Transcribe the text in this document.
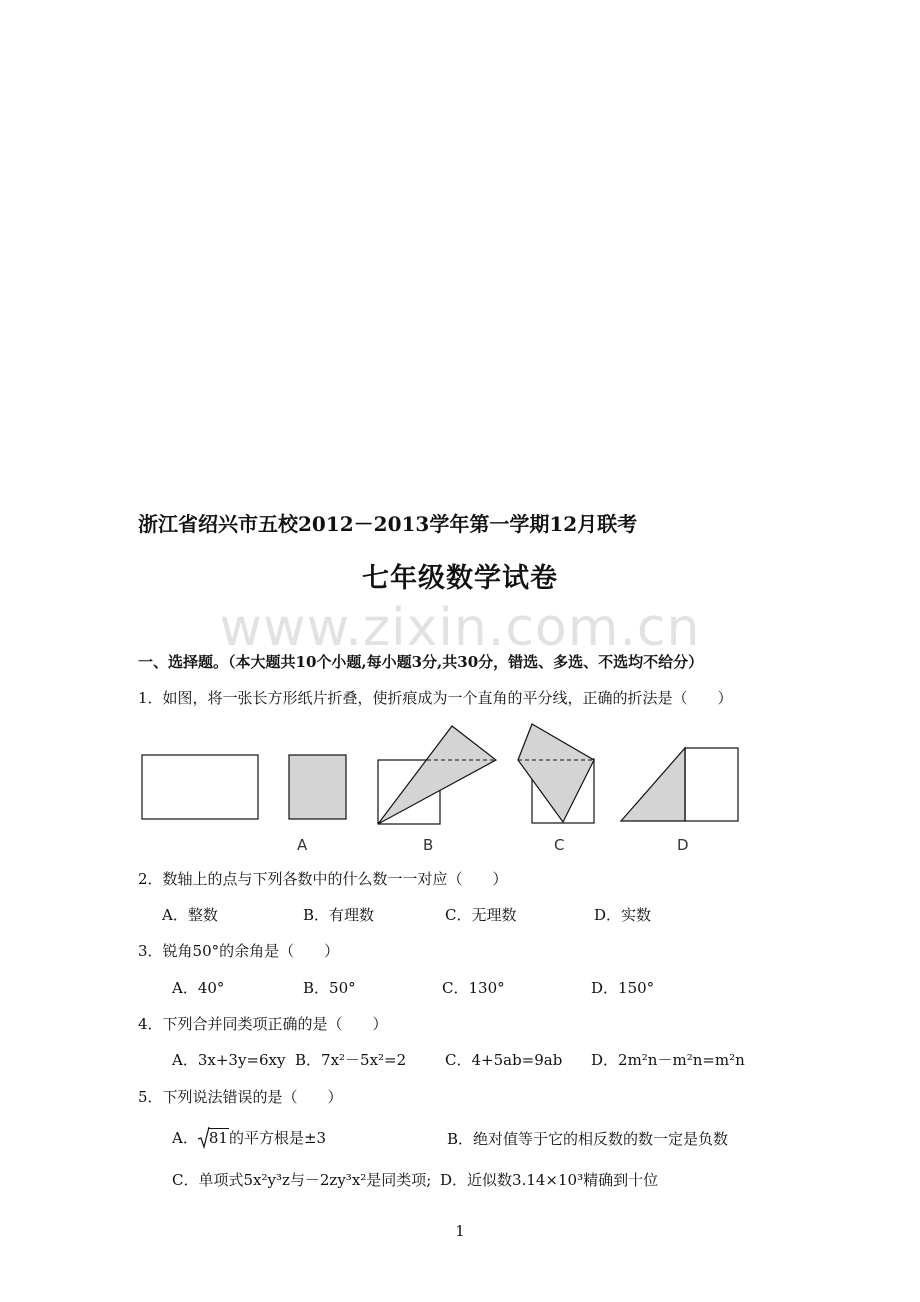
www.zixin.com.cn
浙江省绍兴市五校2012－2013学年第一学期12月联考
七年级数学试卷
一、选择题。（本大题共10个小题,每小题3分,共30分，错选、多选、不选均不给分）
1．如图，将一张长方形纸片折叠，使折痕成为一个直角的平分线，正确的折法是（　　）
A	B	C	D
2．数轴上的点与下列各数中的什么数一一对应（　　）
A．整数	B．有理数	C．无理数	D．实数
3．锐角50°的余角是（　　）
A．40°	B．50°	C．130°	D．150°
4．下列合并同类项正确的是（　　）
A．3x+3y=6xy B．7x²－5x²=2	C．4+5ab=9ab D．2m²n－m²n=m²n
5．下列说法错误的是（　　）
A． 81的平方根是±3	B．绝对值等于它的相反数的数一定是负数
C．单项式5x²y³z与－2zy³x²是同类项; D．近似数3.14×10³精确到十位
1
